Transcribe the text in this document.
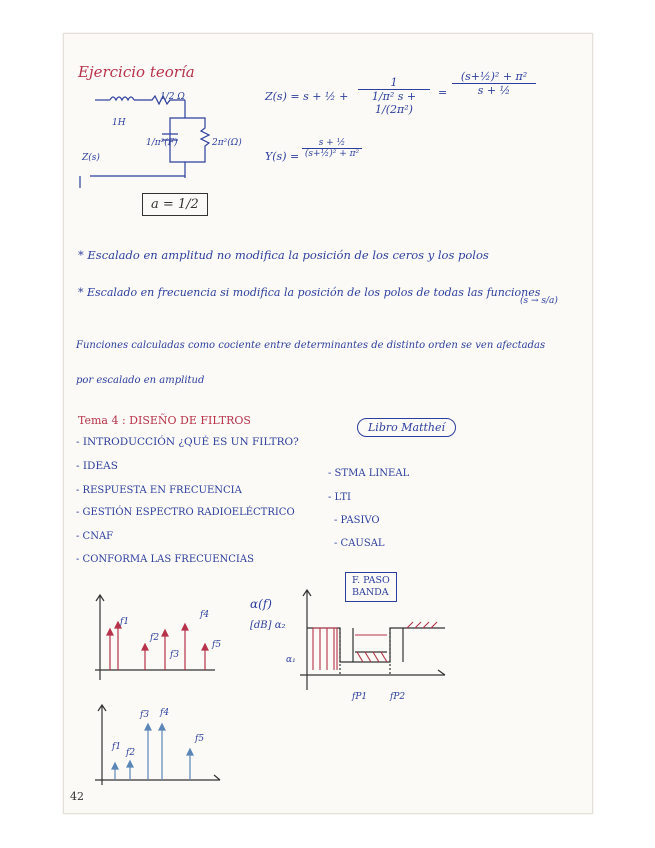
Ejercicio teoría
1H
1/2 Ω
1/π²(F)	2π²(Ω)
Z(s)
a = 1/2
Z(s) = s + ½ + $\frac{1}{\text{1/π² s + 1/(2π²)}} = \frac{\text{(s+½)² + π²}}{\text{s + ½}}$
$Y(s) = \frac{\text{s + ½}}{\text{(s+½)² + π²}}$
* Escalado en amplitud no modifica la posición de los ceros y los polos
* Escalado en frecuencia si modifica la posición de los polos de todas las funciones
(s → s/a)
Funciones calculadas como cociente entre determinantes de distinto orden se ven afectadas
por escalado en amplitud
Tema 4 : DISEÑO DE FILTROS
Libro Mattheí
- INTRODUCCIÓN ¿QUÉ ES UN FILTRO?
- IDEAS
- RESPUESTA EN FRECUENCIA
- GESTIÓN ESPECTRO RADIOELÉCTRICO
- CNAF
- CONFORMA LAS FRECUENCIAS
- STMA LINEAL
- LTI
- PASIVO
- CAUSAL
f1
f2
f3
f4
f5
f1
f2
f3 f4
f5
F. PASO
BANDA
α(f)
[dB] α₂
α₁
fP1	fP2
42
